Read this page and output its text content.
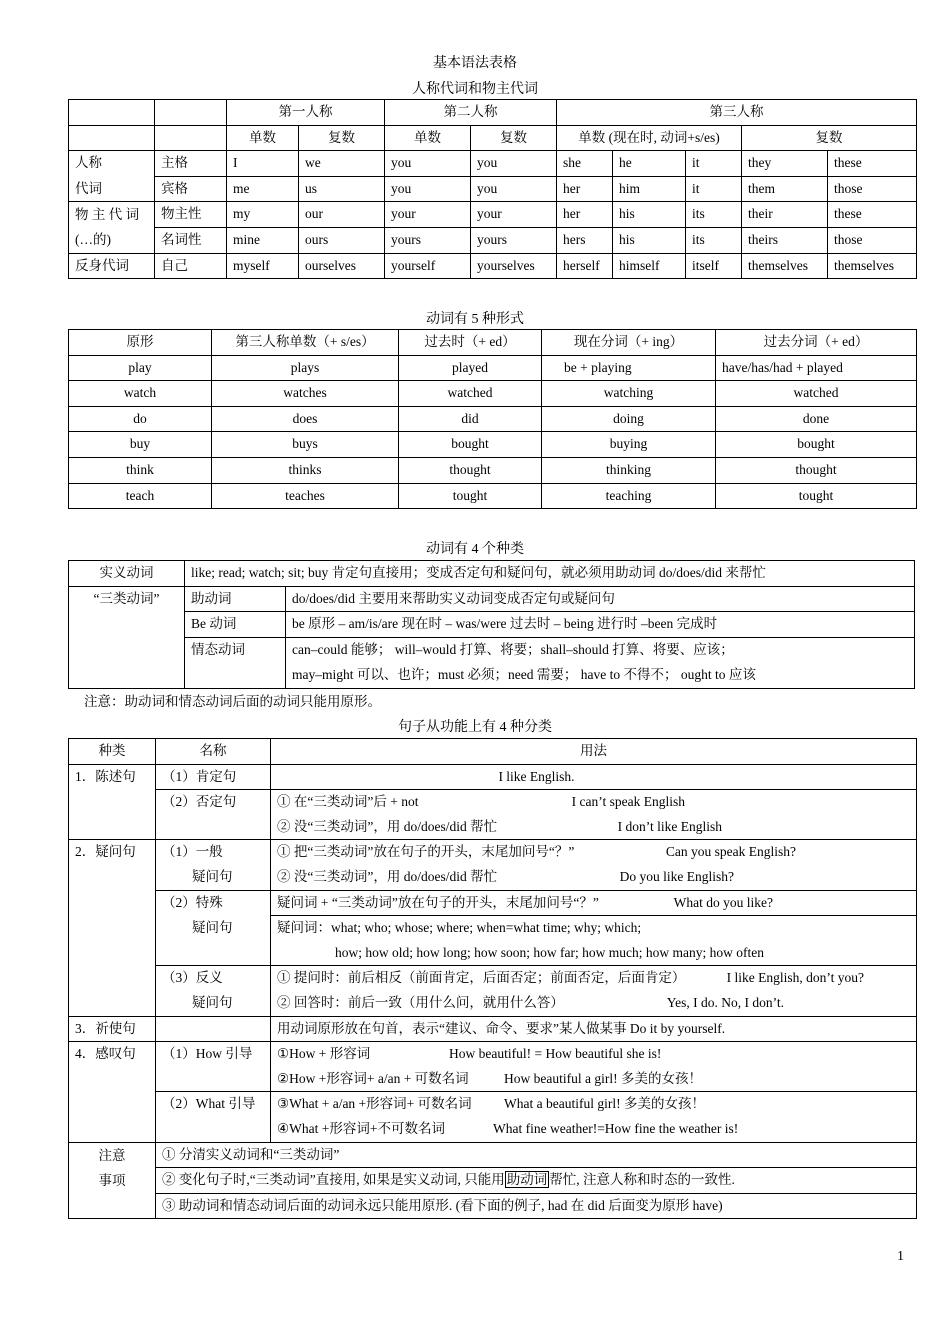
基本语法表格
人称代词和物主代词
		第一人称		第二人称		第三人称				
		单数	复数	单数	复数	单数 (现在时, 动词+s/es)			复数	
人称	主格	I	we	you	you	she	he	it	they	these
代词	宾格	me	us	you	you	her	him	it	them	those
物 主 代 词	物主性	my	our	your	your	her	his	its	their	these
(…的)	名词性	mine	ours	yours	yours	hers	his	its	theirs	those
反身代词	自己	myself	ourselves	yourself	yourselves	herself	himself	itself	themselves	themselves
动词有 5 种形式
原形	第三人称单数（+ s/es）	过去时（+ ed）	现在分词（+ ing）	过去分词（+ ed）
play	plays	played	be + playing	have/has/had + played
watch	watches	watched	watching	watched
do	does	did	doing	done
buy	buys	bought	buying	bought
think	thinks	thought	thinking	thought
teach	teaches	tought	teaching	tought
动词有 4 个种类
实义动词	like; read; watch; sit; buy 肯定句直接用；变成否定句和疑问句，就必须用助动词 do/does/did 来帮忙	
“三类动词”	助动词	do/does/did 主要用来帮助实义动词变成否定句或疑问句
	Be 动词	be 原形 – am/is/are 现在时 – was/were 过去时 – being 进行时 –been 完成时
	情态动词	can–could 能够； will–would 打算、将要；shall–should 打算、将要、应该；
may–might 可以、也许；must 必须；need 需要； have to 不得不； ought to 应该
注意：助动词和情态动词后面的动词只能用原形。
句子从功能上有 4 种分类
种类	名称	用法
1．陈述句	（1）肯定句	I like English.
	（2）否定句	① 在“三类动词”后 + not I can’t speak English

		② 没“三类动词”，用 do/does/did 帮忙 I don’t like English

2．疑问句	（1）一般	① 把“三类动词”放在句子的开头，末尾加问号“？” Can you speak English?

	疑问句	② 没“三类动词”，用 do/does/did 帮忙 Do you like English?

	（2）特殊	疑问词 + “三类动词”放在句子的开头，末尾加问号“？” What do you like?

	疑问句	疑问词：what; who; whose; where; when=what time; why; which;
		how; how old; how long; how soon; how far; how much; how many; how often
	（3）反义	① 提问时：前后相反（前面肯定，后面否定；前面否定，后面肯定） I like English, don’t you?

	疑问句	② 回答时：前后一致（用什么问，就用什么答） Yes, I do. No, I don’t.

3．祈使句		用动词原形放在句首，表示“建议、命令、要求”某人做某事 Do it by yourself.
4．感叹句	（1）How 引导	①How + 形容词 How beautiful! = How beautiful she is!

		②How +形容词+ a/an + 可数名词 How beautiful a girl! 多美的女孩！

	（2）What 引导	③What + a/an +形容词+ 可数名词 What a beautiful girl! 多美的女孩！

		④What +形容词+不可数名词 What fine weather!=How fine the weather is!

注意
事项	① 分清实义动词和“三类动词”	
	② 变化句子时,“三类动词”直接用, 如果是实义动词, 只能用 助动词 帮忙, 注意人称和时态的一致性.	
	③ 助动词和情态动词后面的动词永远只能用原形. (看下面的例子, had 在 did 后面变为原形 have)	
1
